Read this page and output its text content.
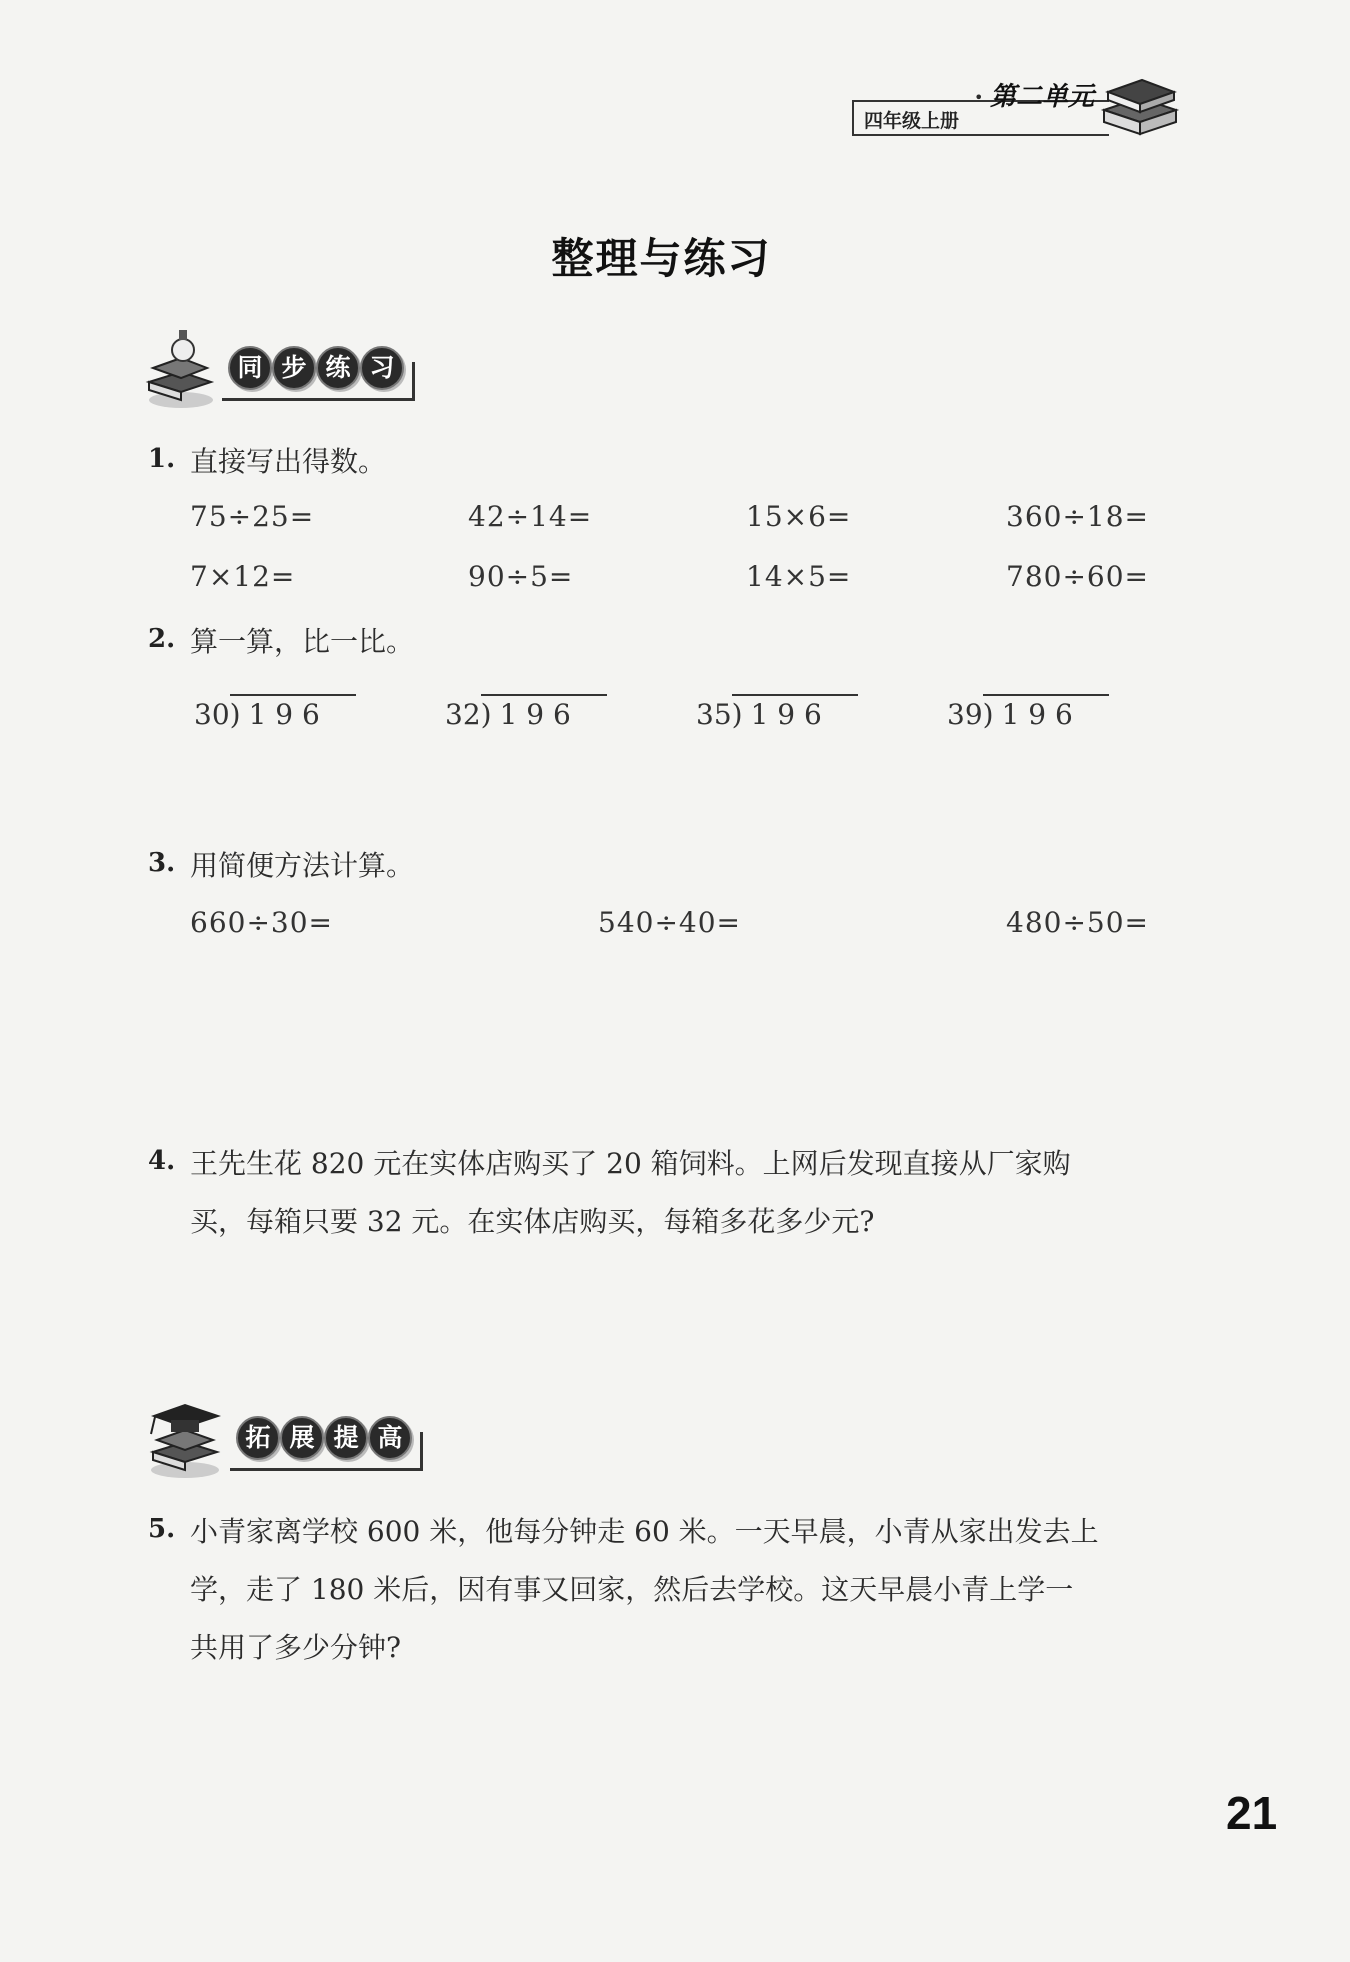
四年级上册
• 第二单元
整理与练习
同 步 练 习
1. 直接写出得数。
75÷25=	42÷14=	15×6=	360÷18=
7×12=	90÷5=	14×5=	780÷60=
2. 算一算，比一比。
30) 1 9 6	32) 1 9 6	35) 1 9 6	39) 1 9 6
3. 用简便方法计算。
660÷30=	540÷40=	480÷50=
4. 王先生花 820 元在实体店购买了 20 箱饲料。上网后发现直接从厂家购
买，每箱只要 32 元。在实体店购买，每箱多花多少元?
拓 展 提 高
5. 小青家离学校 600 米，他每分钟走 60 米。一天早晨，小青从家出发去上
学，走了 180 米后，因有事又回家，然后去学校。这天早晨小青上学一
共用了多少分钟?
21
